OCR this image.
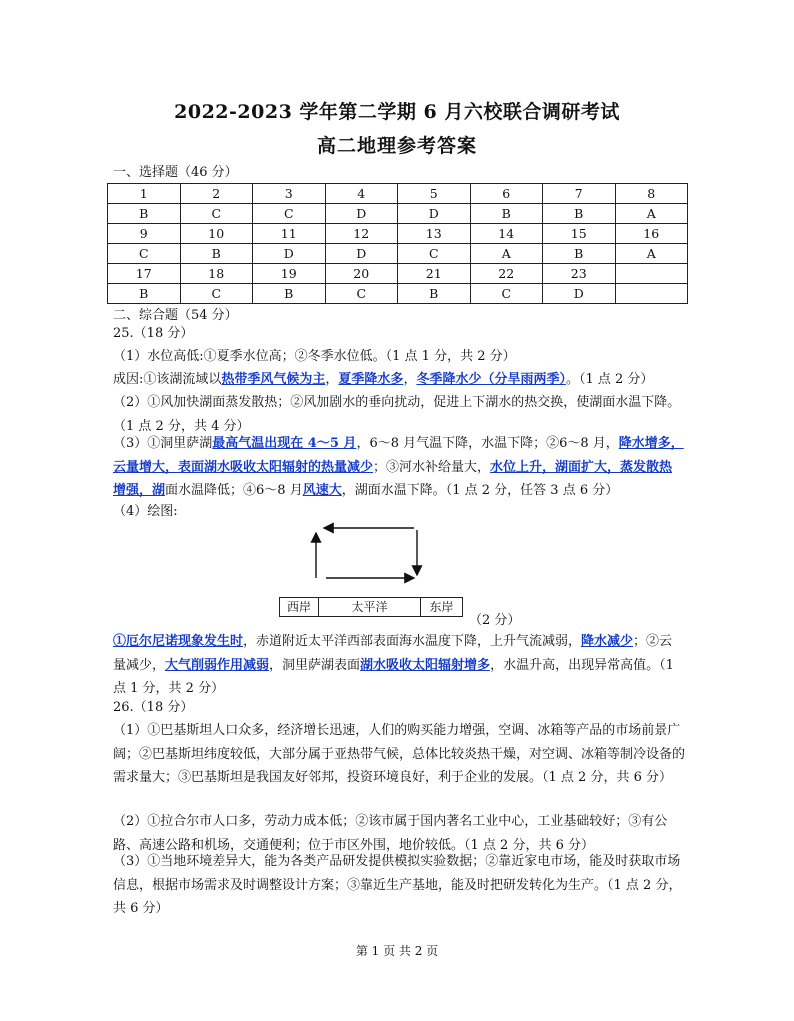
2022-2023 学年第二学期 6 月六校联合调研考试
高二地理参考答案
一、选择题（46 分）
1	2	3	4	5	6	7	8
B	C	C	D	D	B	B	A
9	10	11	12	13	14	15	16
C	B	D	D	C	A	B	A
17	18	19	20	21	22	23	
B	C	B	C	B	C	D	
二、综合题（54 分）
25.（18 分）
（1）水位高低:①夏季水位高；②冬季水位低。（1 点 1 分，共 2 分）
成因:①该湖流域以热带季风气候为主，夏季降水多，冬季降水少（分旱雨两季）。（1 点 2 分）
（2）①风加快湖面蒸发散热；②风加剧水的垂向扰动，促进上下湖水的热交换，使湖面水温下降。（1 点 2 分，共 4 分）
（3）①洞里萨湖最高气温出现在 4～5 月，6～8 月气温下降，水温下降；②6～8 月，降水增多，云量增大，表面湖水吸收太阳辐射的热量减少；③河水补给量大，水位上升，湖面扩大，蒸发散热增强，湖面水温降低；④6～8 月风速大，湖面水温下降。（1 点 2 分，任答 3 点 6 分）
（4）绘图:
西岸	太平洋	东岸
（2 分）
①厄尔尼诺现象发生时，赤道附近太平洋西部表面海水温度下降，上升气流减弱，降水减少；②云量减少，大气削弱作用减弱，洞里萨湖表面湖水吸收太阳辐射增多，水温升高，出现异常高值。（1 点 1 分，共 2 分）
26.（18 分）
（1）①巴基斯坦人口众多，经济增长迅速，人们的购买能力增强，空调、冰箱等产品的市场前景广阔；②巴基斯坦纬度较低，大部分属于亚热带气候，总体比较炎热干燥，对空调、冰箱等制冷设备的需求量大；③巴基斯坦是我国友好邻邦，投资环境良好，利于企业的发展。（1 点 2 分，共 6 分）
（2）①拉合尔市人口多，劳动力成本低；②该市属于国内著名工业中心，工业基础较好；③有公路、高速公路和机场，交通便利；位于市区外围，地价较低。（1 点 2 分，共 6 分）
（3）①当地环境差异大，能为各类产品研发提供模拟实验数据；②靠近家电市场，能及时获取市场信息，根据市场需求及时调整设计方案；③靠近生产基地，能及时把研发转化为生产。（1 点 2 分，共 6 分）
第 1 页 共 2 页
